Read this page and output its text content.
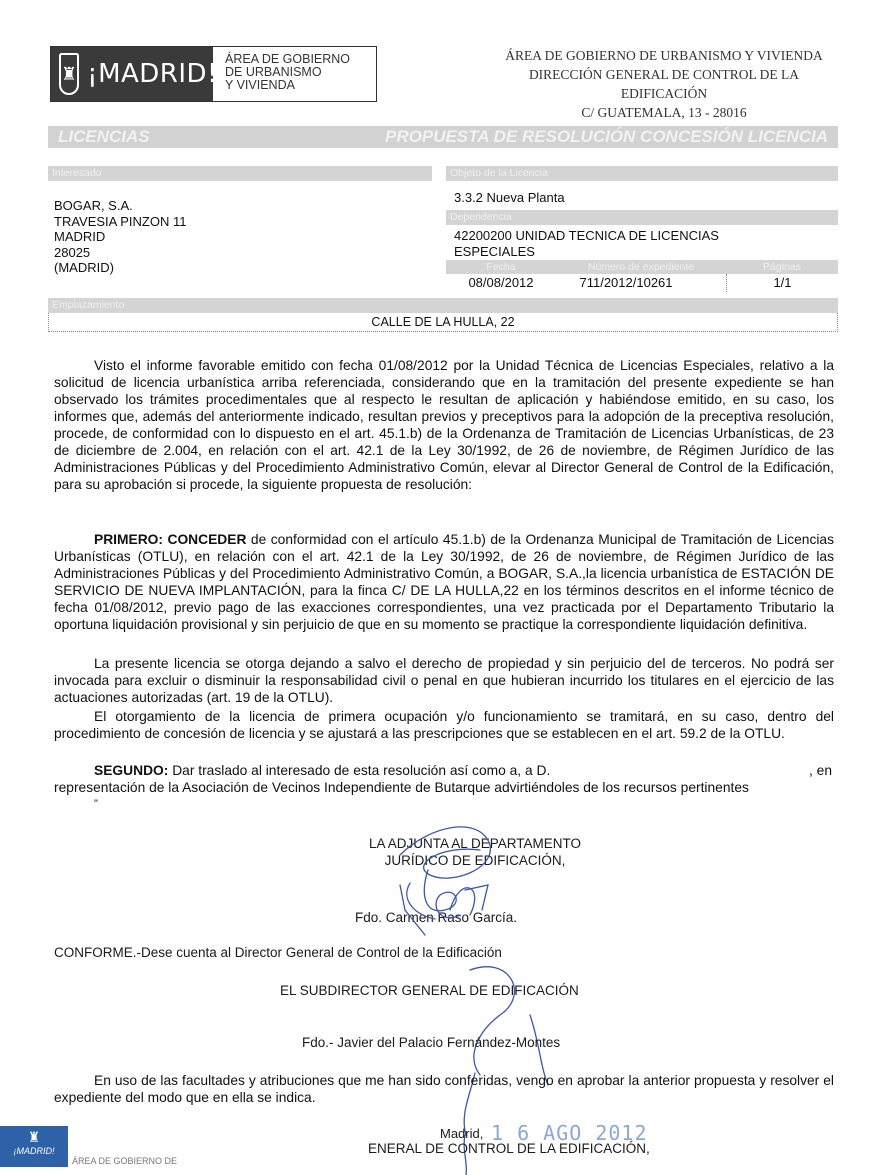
♜ ¡MADRID! ÁREA DE GOBIERNO
DE URBANISMO
Y VIVIENDA
ÁREA DE GOBIERNO DE URBANISMO Y VIVIENDA
DIRECCIÓN GENERAL DE CONTROL DE LA
EDIFICACIÓN
C/ GUATEMALA, 13 - 28016
LICENCIAS	PROPUESTA DE RESOLUCIÓN CONCESIÓN LICENCIA
Interesado
BOGAR, S.A.
TRAVESIA PINZON 11
MADRID
28025
(MADRID)
Objeto de la Licencia
3.3.2 Nueva Planta
Dependencia
42200200 UNIDAD TECNICA DE LICENCIAS
ESPECIALES
Fecha	Número de expediente	Páginas
08/08/2012	711/2012/10261	1/1
Emplazamiento
CALLE DE LA HULLA, 22
Visto el informe favorable emitido con fecha 01/08/2012 por la Unidad Técnica de Licencias Especiales, relativo a la solicitud de licencia urbanística arriba referenciada, considerando que en la tramitación del presente expediente se han observado los trámites procedimentales que al respecto le resultan de aplicación y habiéndose emitido, en su caso, los informes que, además del anteriormente indicado, resultan previos y preceptivos para la adopción de la preceptiva resolución, procede, de conformidad con lo dispuesto en el art. 45.1.b) de la Ordenanza de Tramitación de Licencias Urbanísticas, de 23 de diciembre de 2.004, en relación con el art. 42.1 de la Ley 30/1992, de 26 de noviembre, de Régimen Jurídico de las Administraciones Públicas y del Procedimiento Administrativo Común, elevar al Director General de Control de la Edificación, para su aprobación si procede, la siguiente propuesta de resolución:
PRIMERO: CONCEDER de conformidad con el artículo 45.1.b) de la Ordenanza Municipal de Tramitación de Licencias Urbanísticas (OTLU), en relación con el art. 42.1 de la Ley 30/1992, de 26 de noviembre, de Régimen Jurídico de las Administraciones Públicas y del Procedimiento Administrativo Común, a BOGAR, S.A.,la licencia urbanística de ESTACIÓN DE SERVICIO DE NUEVA IMPLANTACIÓN, para la finca C/ DE LA HULLA,22 en los términos descritos en el informe técnico de fecha 01/08/2012, previo pago de las exacciones correspondientes, una vez practicada por el Departamento Tributario la oportuna liquidación provisional y sin perjuicio de que en su momento se practique la correspondiente liquidación definitiva.
La presente licencia se otorga dejando a salvo el derecho de propiedad y sin perjuicio del de terceros. No podrá ser invocada para excluir o disminuir la responsabilidad civil o penal en que hubieran incurrido los titulares en el ejercicio de las actuaciones autorizadas (art. 19 de la OTLU).
El otorgamiento de la licencia de primera ocupación y/o funcionamiento se tramitará, en su caso, dentro del procedimiento de concesión de licencia y se ajustará a las prescripciones que se establecen en el art. 59.2 de la OTLU.
SEGUNDO: Dar traslado al interesado de esta resolución así como a, a D.	, en
representación de la Asociación de Vecinos Independiente de Butarque advirtiéndoles de los recursos pertinentes
"
LA ADJUNTA AL DEPARTAMENTO
JURÍDICO DE EDIFICACIÓN,
Fdo. Carmen Raso García.
CONFORME.-Dese cuenta al Director General de Control de la Edificación
EL SUBDIRECTOR GENERAL DE EDIFICACIÓN
Fdo.- Javier del Palacio Fernández-Montes
En uso de las facultades y atribuciones que me han sido conferidas, vengo en aprobar la anterior propuesta y resolver el expediente del modo que en ella se indica.
♜
¡MADRID!
ÁREA DE GOBIERNO DE
Madrid, 1 6 AGO 2012
ENERAL DE CONTROL DE LA EDIFICACIÓN,
